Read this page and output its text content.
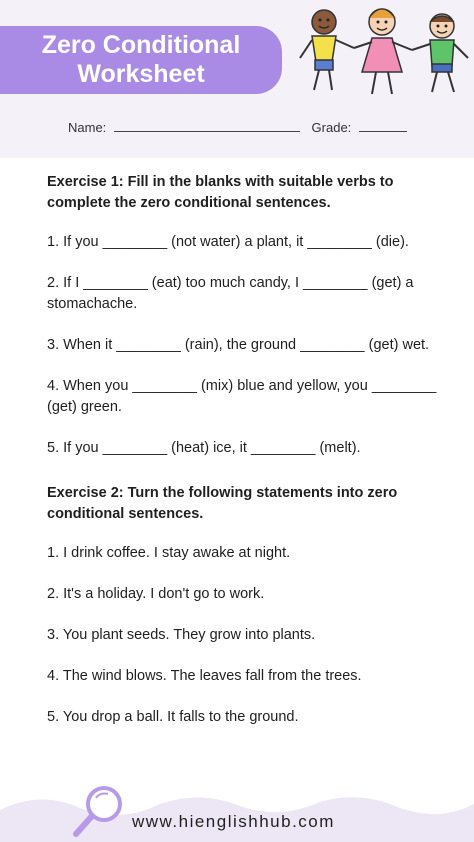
Zero Conditional
Worksheet
Name:	Grade:

Exercise 1: Fill in the blanks with suitable verbs to complete the zero conditional sentences.

1. If you ________ (not water) a plant, it ________ (die).

2. If I ________ (eat) too much candy, I ________ (get) a stomachache.

3. When it ________ (rain), the ground ________ (get) wet.

4. When you ________ (mix) blue and yellow, you ________ (get) green.

5. If you ________ (heat) ice, it ________ (melt).

Exercise 2: Turn the following statements into zero conditional sentences.

1. I drink coffee. I stay awake at night.

2. It's a holiday. I don't go to work.

3. You plant seeds. They grow into plants.

4. The wind blows. The leaves fall from the trees.

5. You drop a ball. It falls to the ground.

www.hienglishhub.com
